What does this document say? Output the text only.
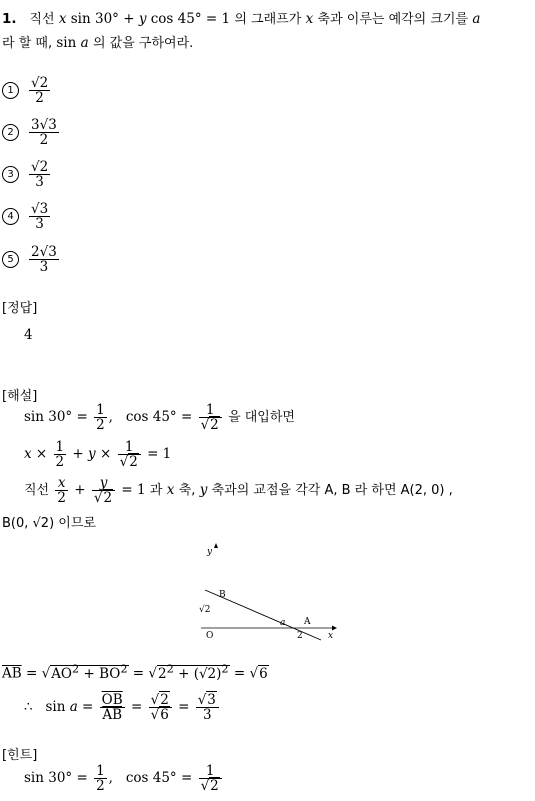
1. 직선 x sin 30° + y cos 45° = 1 의 그래프가 x 축과 이루는 예각의 크기를 a
라 할 때, sin a 의 값을 구하여라.
1	$\frac{√2}{2}$
2	$\frac{3√3}{2}$
3	$\frac{√2}{3}$
4	$\frac{√3}{3}$
5	$\frac{2√3}{3}$
[정답]
4
[해설]
$\sin 30^\circ = \frac{1}{2}$ ,   $\cos 45^\circ = \frac{1}{√2}$ 을 대입하면
$x \times \frac{1}{2} + y \times \frac{1}{√2} = 1$
직선 $\frac{x}{2} + \frac{y}{√2} = 1$ 과 x 축, y 축과의 교점을 각각 A, B 라 하면 A(2, 0) ,
B(0, √2) 이므로
y
B
√2
A
a
O	2	x
$\overline{AB} = √AO^2 + \overline{BO}^2 = √2^2 + (√2)^2 = √6$
∴   $\sin a = \frac{\overline{OB}}{AB} = \frac{√2}{√6} = \frac{√3}{3}$
[힌트]
$\sin 30^\circ = \frac{1}{2}$ ,   $\cos 45^\circ = \frac{1}{√2}$
